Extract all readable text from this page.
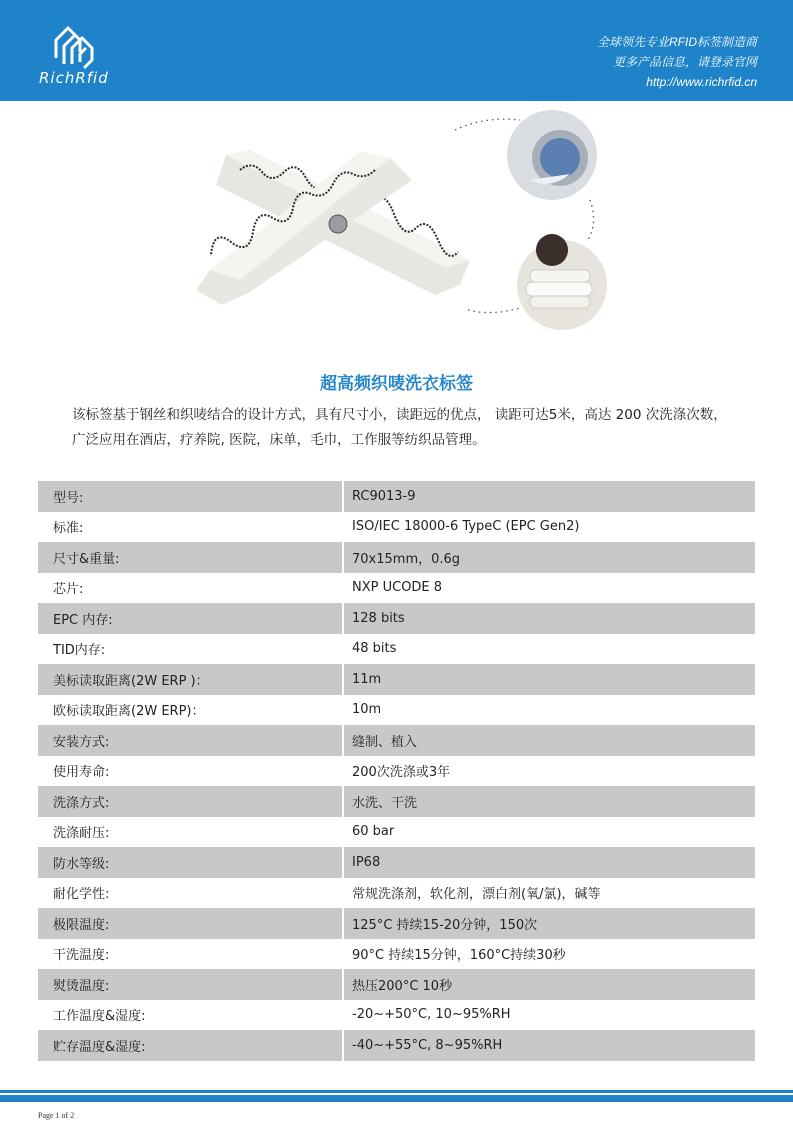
RichRfid
全球领先专业RFID标签制造商
更多产品信息，请登录官网
http://www.richrfid.cn
超高频织唛洗衣标签
该标签基于钢丝和织唛结合的设计方式，具有尺寸小，读距远的优点， 读距可达5米，高达 200 次洗涤次数，广泛应用在酒店，疗养院, 医院，床单，毛巾，工作服等纺织品管理。
型号:	RC9013-9
标准:	ISO/IEC 18000-6 TypeC (EPC Gen2)
尺寸&重量:	70x15mm，0.6g
芯片:	NXP UCODE 8
EPC 内存:	128 bits
TID内存:	48 bits
美标读取距离(2W ERP )：	11m
欧标读取距离(2W ERP)：	10m
安装方式:	缝制、植入
使用寿命:	200次洗涤或3年
洗涤方式:	水洗、干洗
洗涤耐压:	60 bar
防水等级:	IP68
耐化学性:	常规洗涤剂，软化剂，漂白剂(氧/氯)，碱等
极限温度:	125°C 持续15-20分钟，150次
干洗温度:	90°C 持续15分钟，160°C持续30秒
熨烫温度:	热压200°C 10秒
工作温度&湿度:	-20~+50°C, 10~95%RH
贮存温度&湿度:	-40~+55°C, 8~95%RH
Page 1 of 2
